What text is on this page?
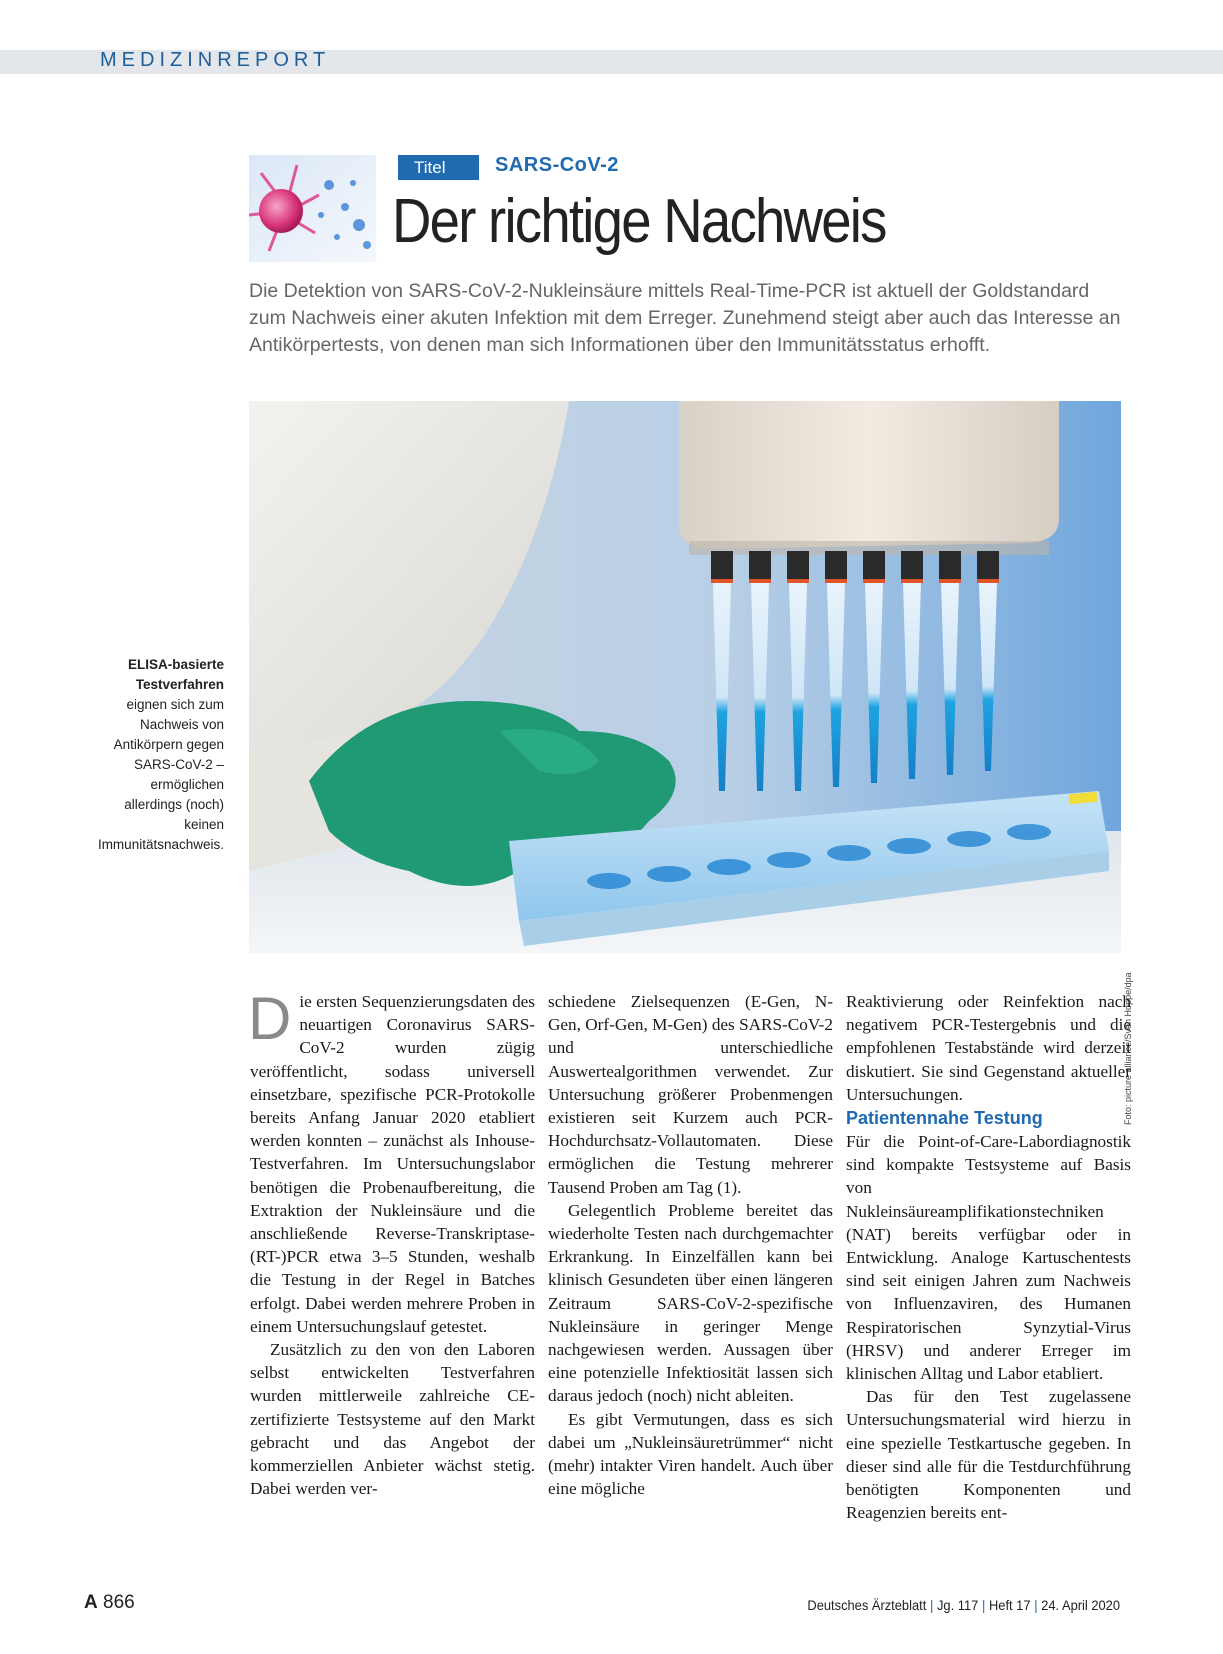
MEDIZINREPORT
Titel	SARS-CoV-2
Der richtige Nachweis
Die Detektion von SARS-CoV-2-Nukleinsäure mittels Real-Time-PCR ist aktuell der Goldstandard zum Nachweis einer akuten Infektion mit dem Erreger. Zunehmend steigt aber auch das Interesse an Antikörpertests, von denen man sich Informationen über den Immunitätsstatus erhofft.
Foto: picture alliance/Sven Hoppe/dpa
ELISA-basierte Testverfahren eignen sich zum Nachweis von Antikörpern gegen SARS-CoV-2 – ermöglichen allerdings (noch) keinen Immunitätsnachweis.

Die ersten Sequenzierungsdaten des neuartigen Coronavirus SARS-CoV-2 wurden zügig veröffentlicht, sodass universell einsetzbare, spezifische PCR-Protokolle bereits Anfang Januar 2020 etabliert werden konnten – zunächst als Inhouse-Testverfahren. Im Untersuchungslabor benötigen die Probenaufbereitung, die Extraktion der Nukleinsäure und die anschließende Reverse-Transkriptase-(RT-)PCR etwa 3–5 Stunden, weshalb die Testung in der Regel in Batches erfolgt. Dabei werden mehrere Proben in einem Untersuchungslauf getestet.

Zusätzlich zu den von den Laboren selbst entwickelten Testverfahren wurden mittlerweile zahlreiche CE-zertifizierte Testsysteme auf den Markt gebracht und das Angebot der kommerziellen Anbieter wächst stetig. Dabei werden ver-

schiedene Zielsequenzen (E-Gen, N-Gen, Orf-Gen, M-Gen) des SARS-CoV-2 und unterschiedliche Auswertealgorithmen verwendet. Zur Untersuchung größerer Probenmengen existieren seit Kurzem auch PCR-Hochdurchsatz-Vollautomaten. Diese ermöglichen die Testung mehrerer Tausend Proben am Tag (1).

Gelegentlich Probleme bereitet das wiederholte Testen nach durchgemachter Erkrankung. In Einzelfällen kann bei klinisch Gesundeten über einen längeren Zeitraum SARS-CoV-2-spezifische Nukleinsäure in geringer Menge nachgewiesen werden. Aussagen über eine potenzielle Infektiosität lassen sich daraus jedoch (noch) nicht ableiten.

Es gibt Vermutungen, dass es sich dabei um „Nukleinsäuretrümmer“ nicht (mehr) intakter Viren handelt. Auch über eine mögliche

Reaktivierung oder Reinfektion nach negativem PCR-Testergebnis und die empfohlenen Testabstände wird derzeit diskutiert. Sie sind Gegenstand aktueller Untersuchungen.

Patientennahe Testung

Für die Point-of-Care-Labordiagnostik sind kompakte Testsysteme auf Basis von Nukleinsäureamplifikationstechniken (NAT) bereits verfügbar oder in Entwicklung. Analoge Kartuschentests sind seit einigen Jahren zum Nachweis von Influenzaviren, des Humanen Respiratorischen Synzytial-Virus (HRSV) und anderer Erreger im klinischen Alltag und Labor etabliert.

Das für den Test zugelassene Untersuchungsmaterial wird hierzu in eine spezielle Testkartusche gegeben. In dieser sind alle für die Testdurchführung benötigten Komponenten und Reagenzien bereits ent-

A 866	Deutsches Ärzteblatt | Jg. 117 | Heft 17 | 24. April 2020
